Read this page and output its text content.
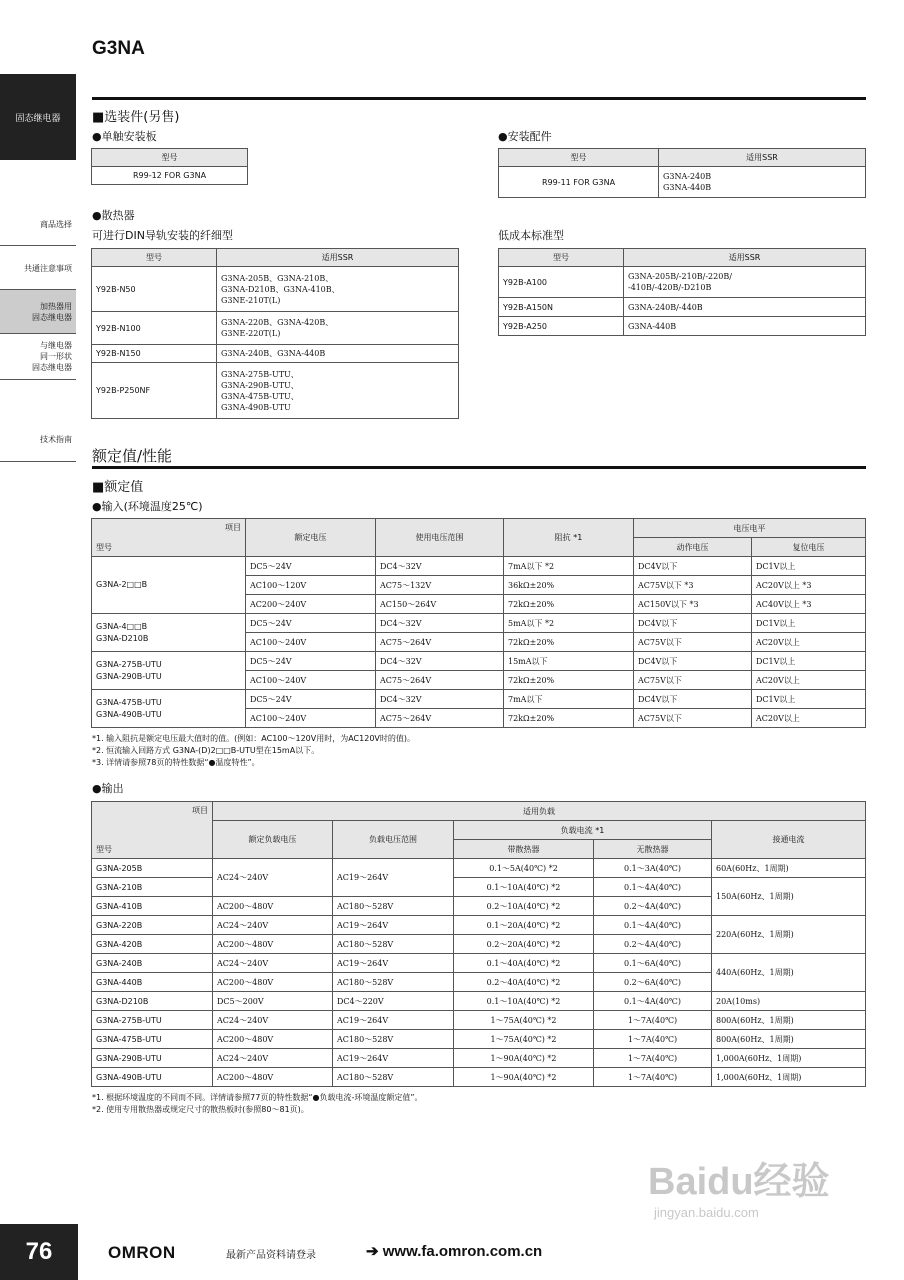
G3NA
固态继电器
商品选择
共通注意事项
加热器用
固态继电器
与继电器
同一形状
固态继电器
技术指南
■选装件(另售)
●单触安装板	●安装配件
型号
R99-12 FOR G3NA
型号	适用SSR
R99-11 FOR G3NA	G3NA-240B
G3NA-440B
●散热器
可进行DIN导轨安装的纤细型	低成本标准型
型号	适用SSR
Y92B-N50	G3NA-205B、G3NA-210B、
G3NA-D210B、G3NA-410B、
G3NE-210T(L)
Y92B-N100	G3NA-220B、G3NA-420B、
G3NE-220T(L)
Y92B-N150	G3NA-240B、G3NA-440B
Y92B-P250NF	G3NA-275B-UTU、
G3NA-290B-UTU、
G3NA-475B-UTU、
G3NA-490B-UTU
型号	适用SSR
Y92B-A100	G3NA-205B/-210B/-220B/
-410B/-420B/-D210B
Y92B-A150N	G3NA-240B/-440B
Y92B-A250	G3NA-440B
额定值/性能
■额定值
●输入(环境温度25℃)
项目
型号	额定电压	使用电压范围	阻抗 *1	电压电平	
				动作电压	复位电压
G3NA-2□□B	DC5～24V	DC4～32V	7mA以下 *2	DC4V以下	DC1V以上
	AC100～120V	AC75～132V	36kΩ±20%	AC75V以下 *3	AC20V以上 *3
	AC200～240V	AC150～264V	72kΩ±20%	AC150V以下 *3	AC40V以上 *3
G3NA-4□□B
G3NA-D210B	DC5～24V	DC4～32V	5mA以下 *2	DC4V以下	DC1V以上
	AC100～240V	AC75～264V	72kΩ±20%	AC75V以下	AC20V以上
G3NA-275B-UTU
G3NA-290B-UTU	DC5～24V	DC4～32V	15mA以下	DC4V以下	DC1V以上
	AC100～240V	AC75～264V	72kΩ±20%	AC75V以下	AC20V以上
G3NA-475B-UTU
G3NA-490B-UTU	DC5～24V	DC4～32V	7mA以下	DC4V以下	DC1V以上
	AC100～240V	AC75～264V	72kΩ±20%	AC75V以下	AC20V以上
*1. 输入阻抗是额定电压最大值时的值。(例如：AC100～120V用时，为AC120V时的值)。
*2. 恒流输入回路方式 G3NA-(D)2□□B-UTU型在15mA以下。
*3. 详情请参照78页的特性数据“●温度特性”。
●输出
项目
型号	适用负载				
	额定负载电压	负载电压范围	负载电流 *1		接通电流
			带散热器	无散热器	
G3NA-205B	AC24～240V	AC19～264V	0.1～5A(40℃) *2	0.1～3A(40℃)	60A(60Hz、1周期)
G3NA-210B			0.1～10A(40℃) *2	0.1～4A(40℃)	150A(60Hz、1周期)
G3NA-410B	AC200～480V	AC180～528V	0.2～10A(40℃) *2	0.2～4A(40℃)	
G3NA-220B	AC24～240V	AC19～264V	0.1～20A(40℃) *2	0.1～4A(40℃)	220A(60Hz、1周期)
G3NA-420B	AC200～480V	AC180～528V	0.2～20A(40℃) *2	0.2～4A(40℃)	
G3NA-240B	AC24～240V	AC19～264V	0.1～40A(40℃) *2	0.1～6A(40℃)	440A(60Hz、1周期)
G3NA-440B	AC200～480V	AC180～528V	0.2～40A(40℃) *2	0.2～6A(40℃)	
G3NA-D210B	DC5～200V	DC4～220V	0.1～10A(40℃) *2	0.1～4A(40℃)	20A(10ms)
G3NA-275B-UTU	AC24～240V	AC19～264V	1～75A(40℃) *2	1～7A(40℃)	800A(60Hz、1周期)
G3NA-475B-UTU	AC200～480V	AC180～528V	1～75A(40℃) *2	1～7A(40℃)	800A(60Hz、1周期)
G3NA-290B-UTU	AC24～240V	AC19～264V	1～90A(40℃) *2	1～7A(40℃)	1,000A(60Hz、1周期)
G3NA-490B-UTU	AC200～480V	AC180～528V	1～90A(40℃) *2	1～7A(40℃)	1,000A(60Hz、1周期)
*1. 根据环境温度的不同而不同。详情请参照77页的特性数据“●负载电流-环境温度额定值”。
*2. 使用专用散热器或规定尺寸的散热板时(参照80～81页)。
Baidu经验
jingyan.baidu.com
76	OMRON	最新产品资料请登录	➔ www.fa.omron.com.cn
